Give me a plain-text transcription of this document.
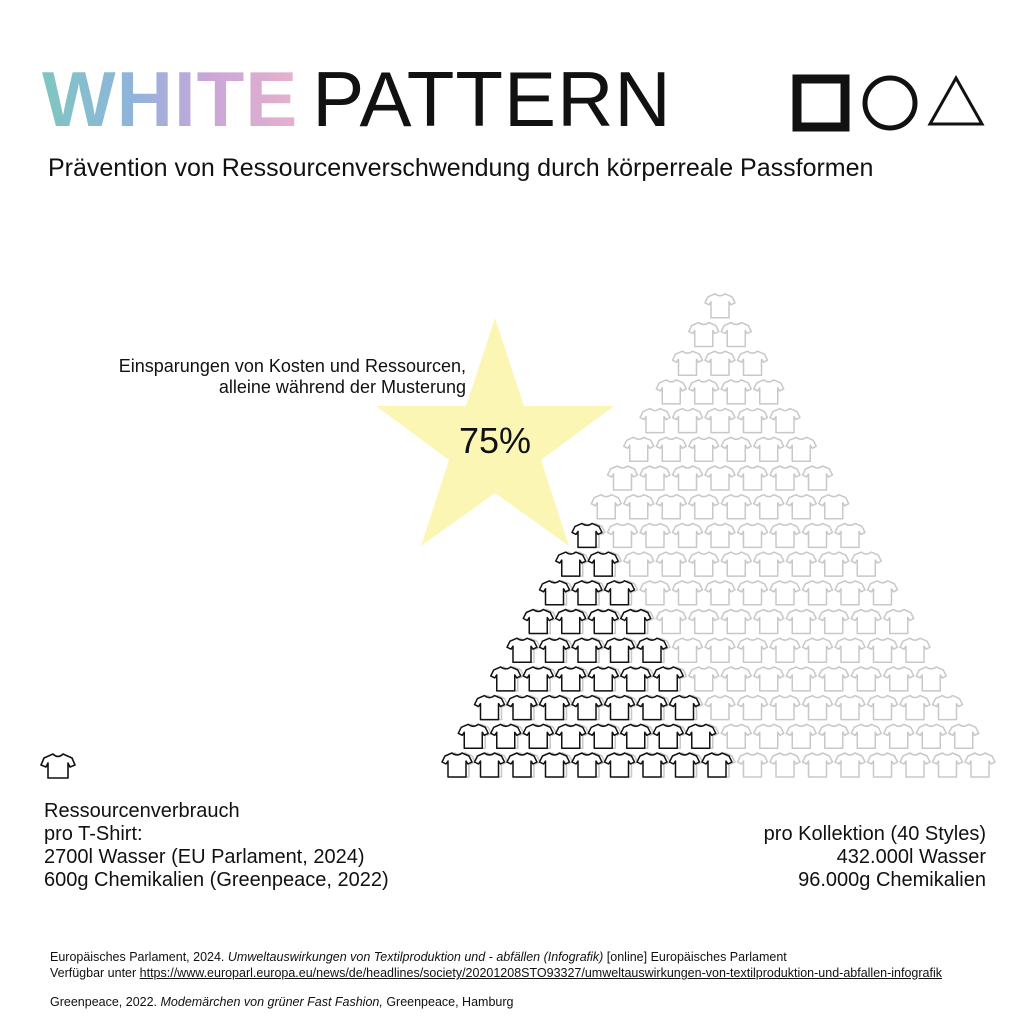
WHITE PATTERN
Prävention von Ressourcenverschwendung durch körperreale Passformen
Einsparungen von Kosten und Ressourcen,
alleine während der Musterung
75%
Ressourcenverbrauch
pro T-Shirt:
2700l Wasser (EU Parlament, 2024)
600g Chemikalien (Greenpeace, 2022)
pro Kollektion (40 Styles)
432.000l Wasser
96.000g Chemikalien

Europäisches Parlament, 2024. Umweltauswirkungen von Textilproduktion und - abfällen (Infografik) [online] Europäisches Parlament
Verfügbar unter https://www.europarl.europa.eu/news/de/headlines/society/20201208STO93327/umweltauswirkungen-von-textilproduktion-und-abfallen-infografik

Greenpeace, 2022. Modemärchen von grüner Fast Fashion, Greenpeace, Hamburg
